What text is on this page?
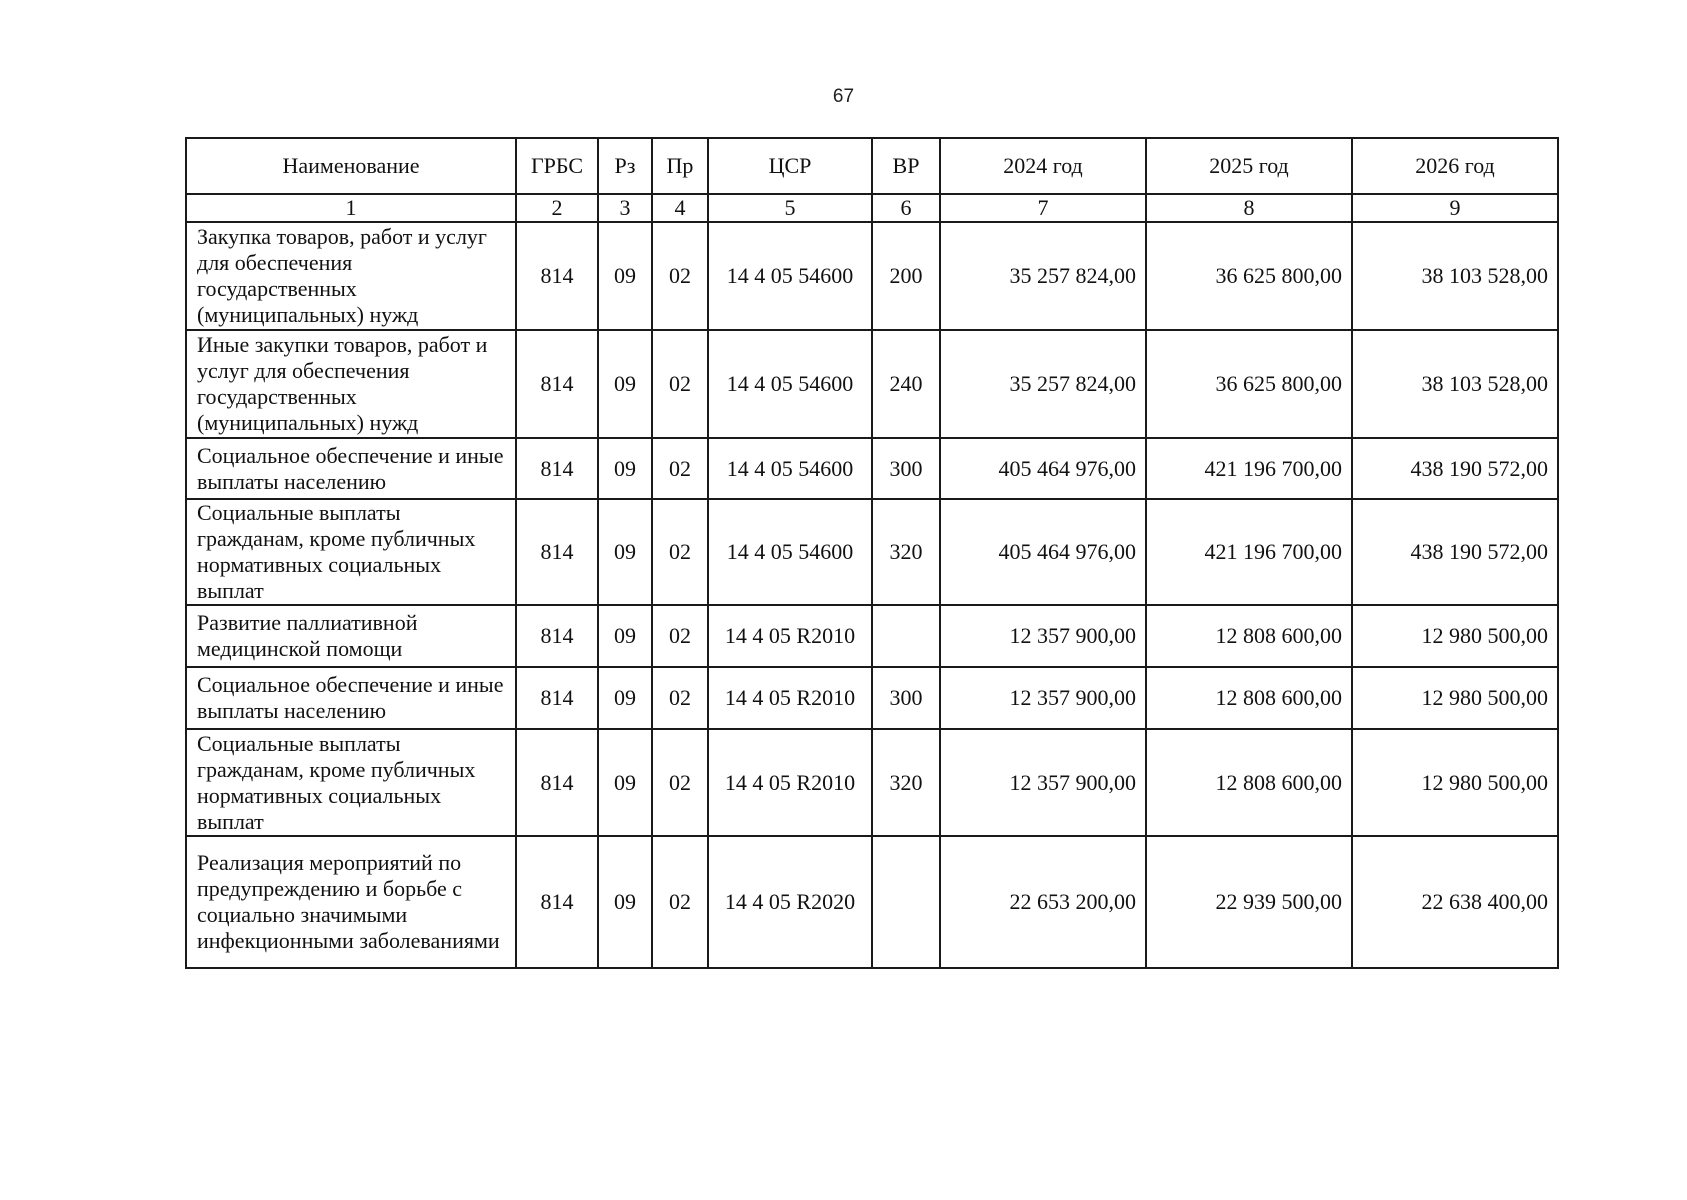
67
Наименование	ГРБС	Рз	Пр	ЦСР	ВР	2024 год	2025 год	2026 год
1	2	3	4	5	6	7	8	9
Закупка товаров, работ и услуг для обеспечения государственных (муниципальных) нужд	814	09	02	14 4 05 54600	200	35 257 824,00	36 625 800,00	38 103 528,00
Иные закупки товаров, работ и услуг для обеспечения государственных (муниципальных) нужд	814	09	02	14 4 05 54600	240	35 257 824,00	36 625 800,00	38 103 528,00
Социальное обеспечение и иные выплаты населению	814	09	02	14 4 05 54600	300	405 464 976,00	421 196 700,00	438 190 572,00
Социальные выплаты гражданам, кроме публичных нормативных социальных выплат	814	09	02	14 4 05 54600	320	405 464 976,00	421 196 700,00	438 190 572,00
Развитие паллиативной медицинской помощи	814	09	02	14 4 05 R2010		12 357 900,00	12 808 600,00	12 980 500,00
Социальное обеспечение и иные выплаты населению	814	09	02	14 4 05 R2010	300	12 357 900,00	12 808 600,00	12 980 500,00
Социальные выплаты гражданам, кроме публичных нормативных социальных выплат	814	09	02	14 4 05 R2010	320	12 357 900,00	12 808 600,00	12 980 500,00
Реализация мероприятий по предупреждению и борьбе с социально значимыми инфекционными заболеваниями	814	09	02	14 4 05 R2020		22 653 200,00	22 939 500,00	22 638 400,00
